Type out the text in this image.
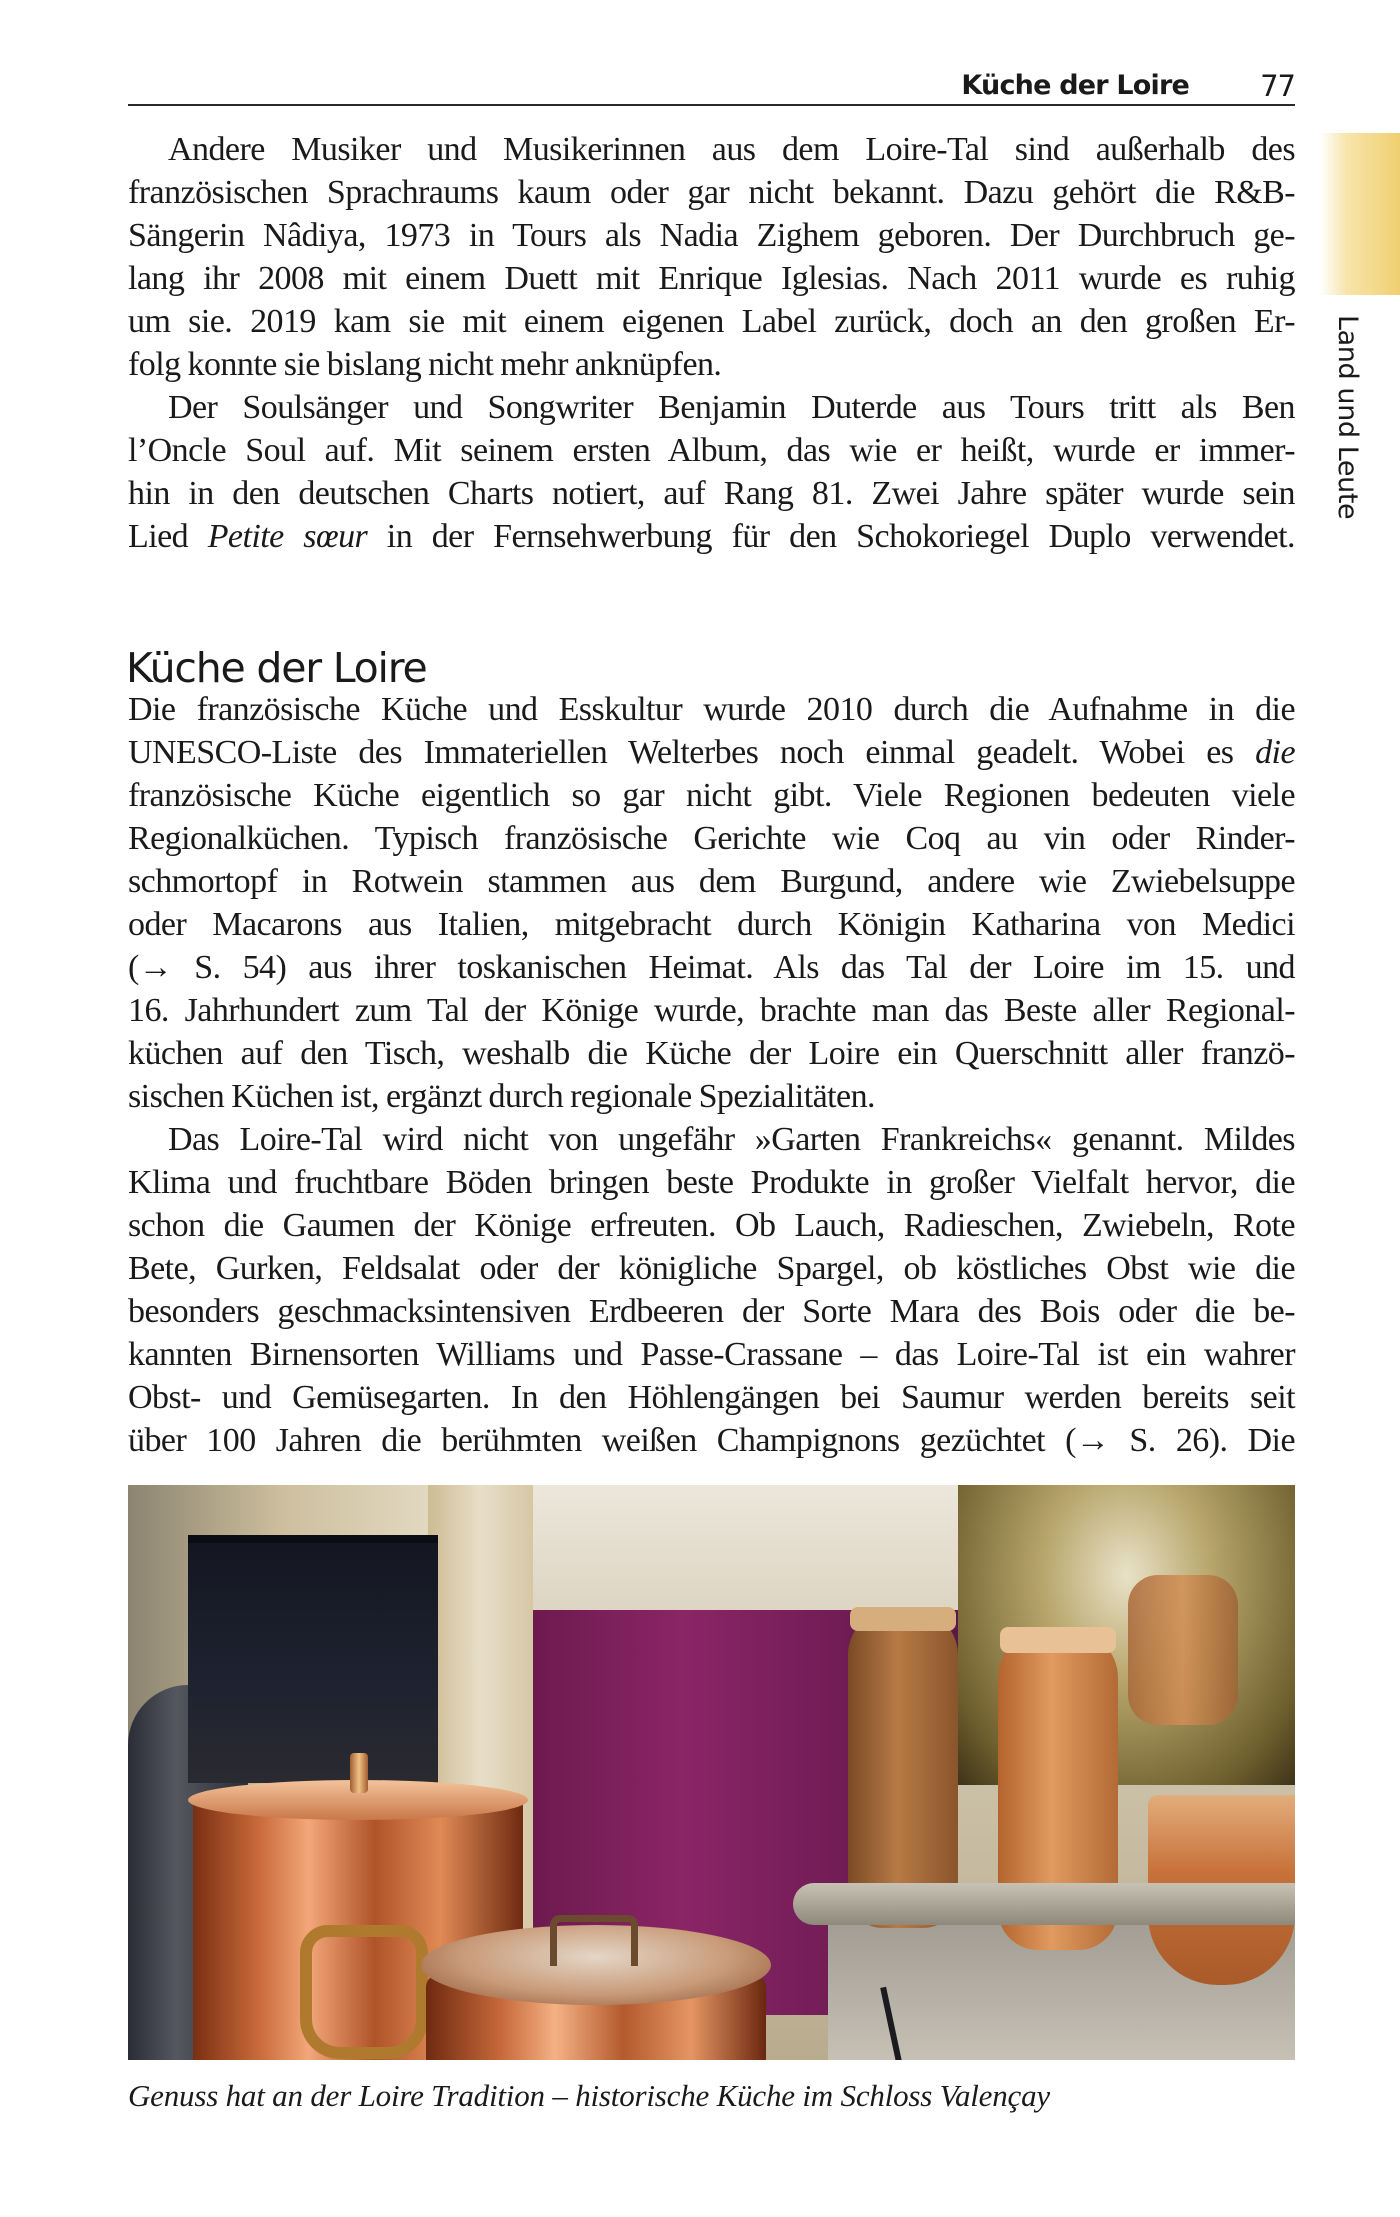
Küche der Loire	77
Land und Leute
Andere Musiker und Musikerinnen aus dem Loire-Tal sind außerhalb des
französischen Sprachraums kaum oder gar nicht bekannt. Dazu gehört die R&B-
Sängerin Nâdiya, 1973 in Tours als Nadia Zighem geboren. Der Durchbruch ge-
lang ihr 2008 mit einem Duett mit Enrique Iglesias. Nach 2011 wurde es ruhig
um sie. 2019 kam sie mit einem eigenen Label zurück, doch an den großen Er-
folg konnte sie bislang nicht mehr anknüpfen.
Der Soulsänger und Songwriter Benjamin Duterde aus Tours tritt als Ben
l’Oncle Soul auf. Mit seinem ersten Album, das wie er heißt, wurde er immer-
hin in den deutschen Charts notiert, auf Rang 81. Zwei Jahre später wurde sein
Lied Petite sœur in der Fernsehwerbung für den Schokoriegel Duplo verwendet.
Küche der Loire
Die französische Küche und Esskultur wurde 2010 durch die Aufnahme in die
UNESCO-Liste des Immateriellen Welterbes noch einmal geadelt. Wobei es die
französische Küche eigentlich so gar nicht gibt. Viele Regionen bedeuten viele
Regionalküchen. Typisch französische Gerichte wie Coq au vin oder Rinder-
schmortopf in Rotwein stammen aus dem Burgund, andere wie Zwiebelsuppe
oder Macarons aus Italien, mitgebracht durch Königin Katharina von Medici
(→ S. 54) aus ihrer toskanischen Heimat. Als das Tal der Loire im 15. und
16. Jahrhundert zum Tal der Könige wurde, brachte man das Beste aller Regional-
küchen auf den Tisch, weshalb die Küche der Loire ein Querschnitt aller franzö-
sischen Küchen ist, ergänzt durch regionale Spezialitäten.
Das Loire-Tal wird nicht von ungefähr »Garten Frankreichs« genannt. Mildes
Klima und fruchtbare Böden bringen beste Produkte in großer Vielfalt hervor, die
schon die Gaumen der Könige erfreuten. Ob Lauch, Radieschen, Zwiebeln, Rote
Bete, Gurken, Feldsalat oder der königliche Spargel, ob köstliches Obst wie die
besonders geschmacksintensiven Erdbeeren der Sorte Mara des Bois oder die be-
kannten Birnensorten Williams und Passe-Crassane – das Loire-Tal ist ein wahrer
Obst- und Gemüsegarten. In den Höhlengängen bei Saumur werden bereits seit
über 100 Jahren die berühmten weißen Champignons gezüchtet (→ S. 26). Die
Genuss hat an der Loire Tradition – historische Küche im Schloss Valençay
